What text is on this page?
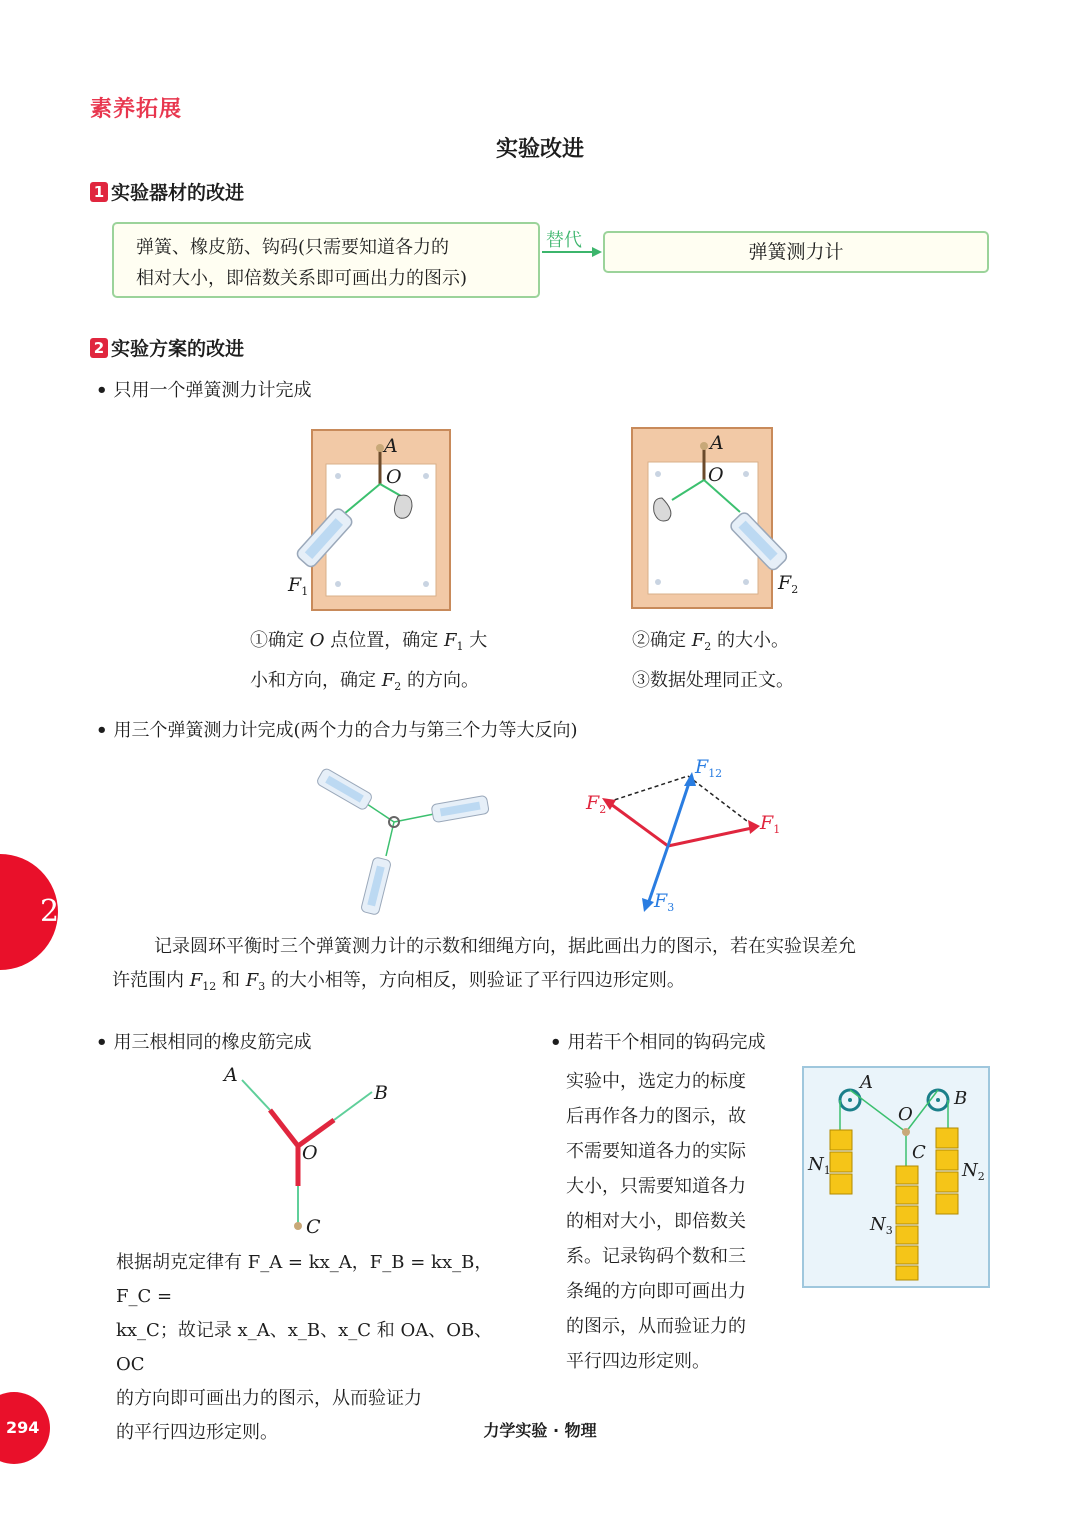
素养拓展
实验改进
1 实验器材的改进
弹簧、橡皮筋、钩码(只需要知道各力的
相对大小，即倍数关系即可画出力的图示)
替代
弹簧测力计
2 实验方案的改进
• 只用一个弹簧测力计完成
A
O
$F_1$
A
O
$F_2$
①确定 O 点位置，确定 $F_1$ 大
小和方向，确定 $F_2$ 的方向。
②确定 $F_2$ 的大小。
③数据处理同正文。
• 用三个弹簧测力计完成(两个力的合力与第三个力等大反向)
$F_{12}$
$F_1$
$F_2$
$F_3$
记录圆环平衡时三个弹簧测力计的示数和细绳方向，据此画出力的图示，若在实验误差允
许范围内 $F_{12}$ 和 $F_3$ 的大小相等，方向相反，则验证了平行四边形定则。
• 用三根相同的橡皮筋完成
A
B
O
C
根据胡克定律有 F_A = kx_A，F_B = kx_B，F_C =
kx_C；故记录 x_A、x_B、x_C 和 OA、OB、OC
的方向即可画出力的图示，从而验证力
的平行四边形定则。
• 用若干个相同的钩码完成
实验中，选定力的标度
后再作各力的图示，故
不需要知道各力的实际
大小，只需要知道各力
的相对大小，即倍数关
系。记录钩码个数和三
条绳的方向即可画出力
的图示，从而验证力的
平行四边形定则。
A
B
O
C
$N_1$	$N_2$
$N_3$
23
294	力学实验 · 物理
